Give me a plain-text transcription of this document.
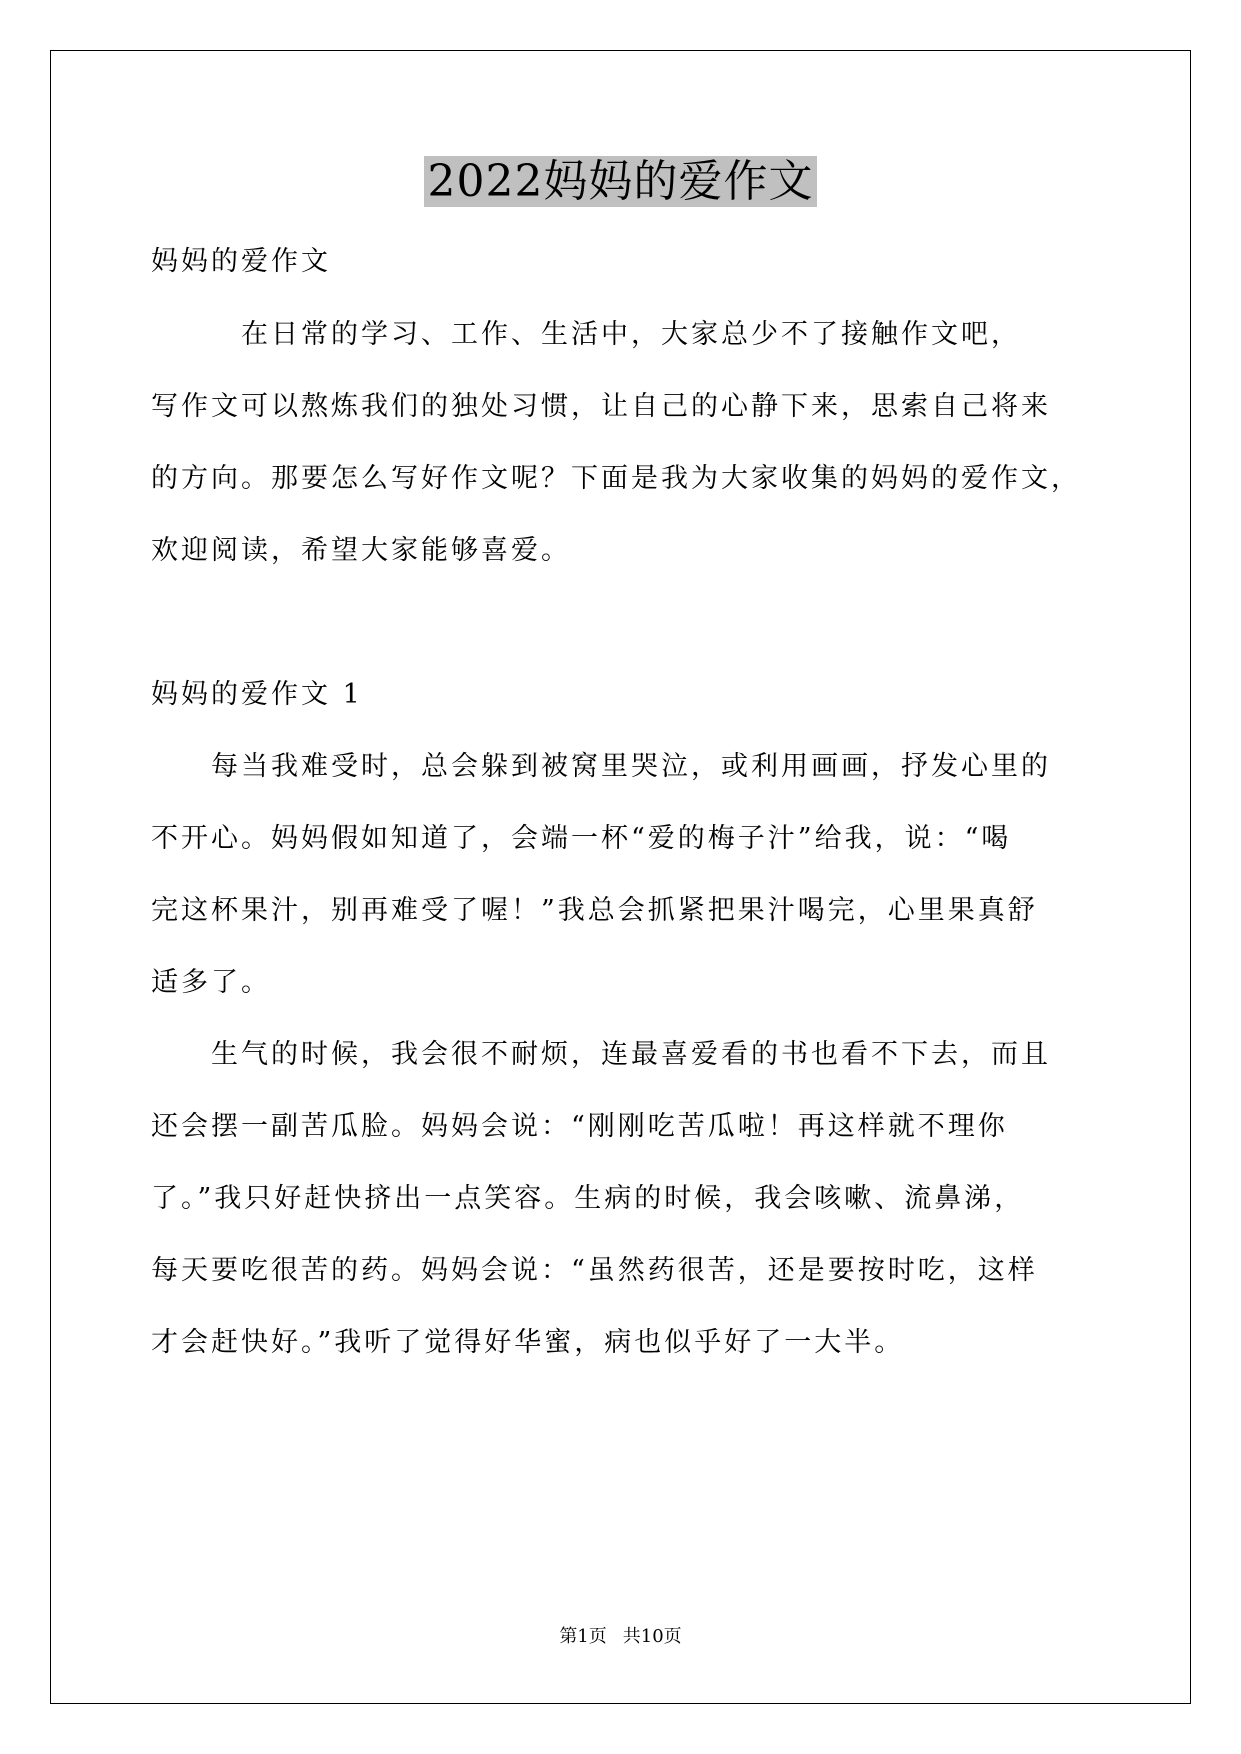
2022妈妈的爱作文
妈妈的爱作文
　　　在日常的学习、工作、生活中，大家总少不了接触作文吧，
写作文可以熬炼我们的独处习惯，让自己的心静下来，思索自己将来
的方向。那要怎么写好作文呢？下面是我为大家收集的妈妈的爱作文，
欢迎阅读，希望大家能够喜爱。
妈妈的爱作文 1
　　每当我难受时，总会躲到被窝里哭泣，或利用画画，抒发心里的
不开心。妈妈假如知道了，会端一杯“爱的梅子汁”给我，说：“喝
完这杯果汁，别再难受了喔！”我总会抓紧把果汁喝完，心里果真舒
适多了。
　　生气的时候，我会很不耐烦，连最喜爱看的书也看不下去，而且
还会摆一副苦瓜脸。妈妈会说：“刚刚吃苦瓜啦！再这样就不理你
了。”我只好赶快挤出一点笑容。生病的时候，我会咳嗽、流鼻涕，
每天要吃很苦的药。妈妈会说：“虽然药很苦，还是要按时吃，这样
才会赶快好。”我听了觉得好华蜜，病也似乎好了一大半。
第1页 共10页
